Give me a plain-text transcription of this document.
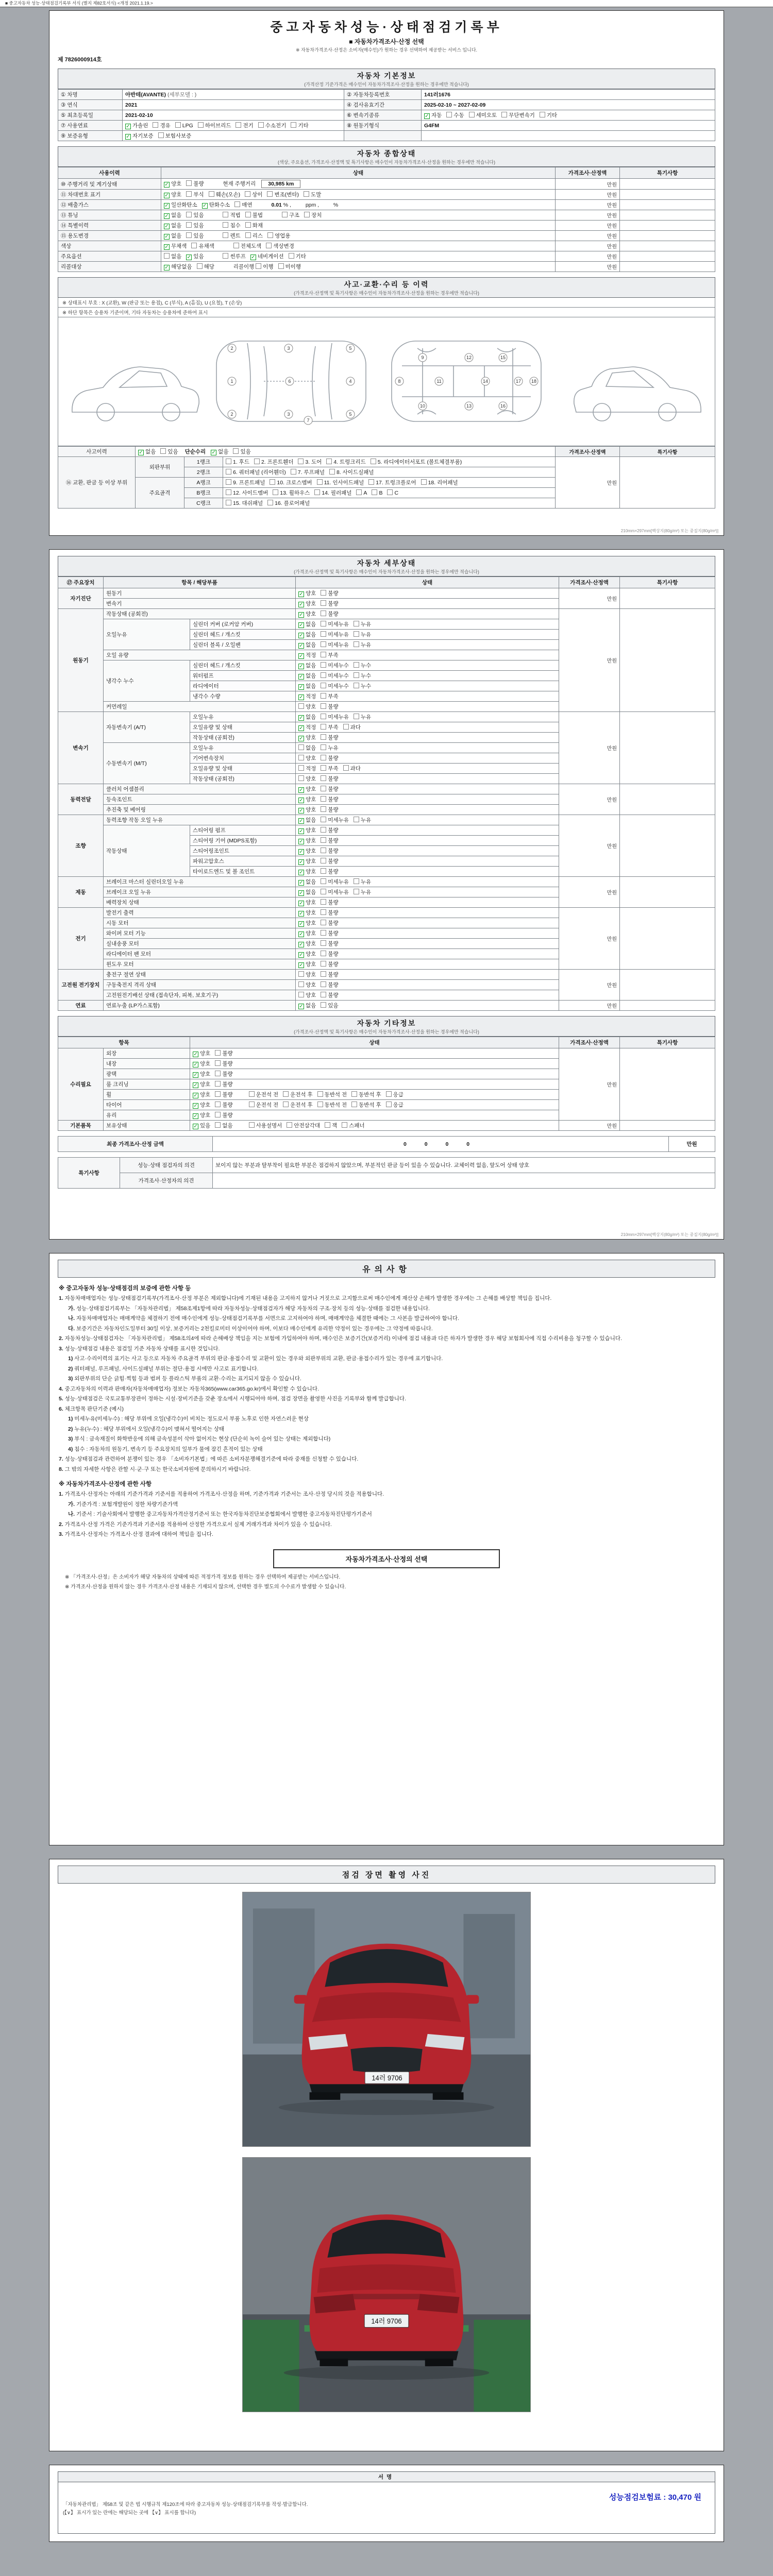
■ 중고자동차 성능·상태점검기록부 서식 (별지 제82호서식) <개정 2021.1.19.>
중고자동차성능·상태점검기록부
■ 자동차가격조사·산정 선택
※ 자동차가격조사·산정은 소비자(매수인)가 원하는 경우 선택하여 제공받는 서비스 입니다.
제 7826000914호
자동차 기본정보
(가격산정 기준가격은 매수인이 자동차가격조사·산정을 원하는 경우에만 적습니다)
① 차명	아반테(AVANTE) (세부모델 : )	② 자동차등록번호	141러1676
③ 연식	2021	④ 검사유효기간	2025-02-10 ~ 2027-02-09
⑤ 최초등록일	2021-02-10	⑥ 변속기종류	✓ 자동 수동 세미오토 무단변속기 기타
⑦ 사용연료	✓ 가솔린 경유 LPG 하이브리드 전기 수소전기 기타	⑧ 원동기형식	G4FM
⑨ 보증유형	✓ 자기보증 보험사보증		
자동차 종합상태
(색상, 주요옵션, 가격조사·산정액 및 특기사항은 매수인이 자동차가격조사·산정을 원하는 경우에만 적습니다)
사용이력	상태	가격조사·산정액	특기사항
⑩ 주행거리 및 계기상태	✓ 양호 불량 현재 주행거리 30,985 km	만원	
⑪ 차대번호 표기	✓ 양호 부식 훼손(오손) 상이 변조(변타) 도말	만원	
⑫ 배출가스	✓ 일산화탄소 ✓ 탄화수소 매연 0.01 % , ppm , %	만원	
⑬ 튜닝	✓ 없음 있음 적법 불법 구조 장치	만원	
⑭ 특별이력	✓ 없음 있음 침수 화재	만원	
⑮ 용도변경	✓ 없음 있음 렌트 리스 영업용	만원	
색상	✓ 무채색 유채색 전체도색 색상변경	만원	
주요옵션	없음 ✓ 있음 썬루프 ✓ 네비게이션 기타	만원	
리콜대상	✓ 해당없음 해당 리콜이행 이행 미이행	만원	
사고·교환·수리 등 이력
(가격조사·산정액 및 특기사항은 매수인이 자동차가격조사·산정을 원하는 경우에만 적습니다)
※ 상태표시 부호 : X (교환), W (판금 또는 용접), C (부식), A (흠집), U (요철), T (손상)
※ 하단 항목은 승용차 기준이며, 기타 자동차는 승용차에 준하여 표시
1
2
2
3
3
4
5
5
6
7
8
9
10
11
12
13
14
15
16
17 18
사고이력	✓ 없음 있음 단순수리 ✓ 없음 있음			가격조사·산정액	특기사항
⑯ 교환, 판금 등 이상 부위	외판부위	1랭크	1. 후드 2. 프론트휀더 3. 도어 4. 트렁크리드 5. 라디에이터서포트 (볼트체결부품)	만원	
		2랭크	6. 쿼터패널 (리어휀더) 7. 루프패널 8. 사이드실패널		
	주요골격	A랭크	9. 프론트패널 10. 크로스멤버 11. 인사이드패널 17. 트렁크플로어 18. 리어패널		
		B랭크	12. 사이드멤버 13. 휠하우스 14. 필러패널 A B C		
		C랭크	15. 대쉬패널 16. 플로어패널		
210mm×297mm[백상지(80g/m²) 또는 중질지(80g/m²)]
자동차 세부상태
(가격조사·산정액 및 특기사항은 매수인이 자동차가격조사·산정을 원하는 경우에만 적습니다)
⑰ 주요장치	항목 / 해당부품		상태	가격조사·산정액	특기사항
자기진단	원동기		✓ 양호 불량	만원	
	변속기		✓ 양호 불량		
원동기	작동상태 (공회전)		✓ 양호 불량	만원	
	오일누유	실린더 커버 (로커암 커버)	✓ 없음 미세누유 누유		
		실린더 헤드 / 개스킷	✓ 없음 미세누유 누유		
		실린더 블록 / 오일팬	✓ 없음 미세누유 누유		
	오일 유량		✓ 적정 부족		
	냉각수 누수	실린더 헤드 / 개스킷	✓ 없음 미세누수 누수		
		워터펌프	✓ 없음 미세누수 누수		
		라디에이터	✓ 없음 미세누수 누수		
		냉각수 수량	✓ 적정 부족		
	커먼레일		양호 불량		
변속기	자동변속기 (A/T)	오일누유	✓ 없음 미세누유 누유	만원	
		오일유량 및 상태	✓ 적정 부족 과다		
		작동상태 (공회전)	✓ 양호 불량		
	수동변속기 (M/T)	오일누유	없음 누유		
		기어변속장치	양호 불량		
		오일유량 및 상태	적정 부족 과다		
		작동상태 (공회전)	양호 불량		
동력전달	클러치 어셈블리		✓ 양호 불량	만원	
	등속조인트		✓ 양호 불량		
	추진축 및 베어링		✓ 양호 불량		
조향	동력조향 작동 오일 누유		✓ 없음 미세누유 누유	만원	
	작동상태	스티어링 펌프	✓ 양호 불량		
		스티어링 기어 (MDPS포함)	✓ 양호 불량		
		스티어링조인트	✓ 양호 불량		
		파워고압호스	✓ 양호 불량		
		타이로드엔드 및 볼 조인트	✓ 양호 불량		
제동	브레이크 마스터 실린더오일 누유		✓ 없음 미세누유 누유	만원	
	브레이크 오일 누유		✓ 없음 미세누유 누유		
	배력장치 상태		✓ 양호 불량		
전기	발전기 출력		✓ 양호 불량	만원	
	시동 모터		✓ 양호 불량		
	와이퍼 모터 기능		✓ 양호 불량		
	실내송풍 모터		✓ 양호 불량		
	라디에이터 팬 모터		✓ 양호 불량		
	윈도우 모터		✓ 양호 불량		
고전원 전기장치	충전구 절연 상태		양호 불량	만원	
	구동축전지 격리 상태		양호 불량		
	고전원전기배선 상태 (접속단자, 피복, 보호기구)		양호 불량		
연료	연료누출 (LP가스포함)		✓ 없음 있음	만원	
자동차 기타정보
(가격조사·산정액 및 특기사항은 매수인이 자동차가격조사·산정을 원하는 경우에만 적습니다)
항목		상태	가격조사·산정액	특기사항
수리필요	외장	✓ 양호 불량	만원	
	내장	✓ 양호 불량		
	광택	✓ 양호 불량		
	룸 크리닝	✓ 양호 불량		
	휠	✓ 양호 불량 운전석 전 운전석 후 동반석 전 동반석 후 응급		
	타이어	✓ 양호 불량 운전석 전 운전석 후 동반석 전 동반석 후 응급		
	유리	✓ 양호 불량		
기본품목	보유상태	✓ 있음 없음 사용설명서 안전삼각대 잭 스패너	만원	
최종 가격조사·산정 금액	0 0 0 0	만원
특기사항	성능·상태 점검자의 의견	보이지 않는 부분과 탈부착이 필요한 부분은 점검하지 않았으며, 부분적인 판금 등이 있을 수 있습니다. 교체이력 없음, 앞도어 상태 양호
	가격조사·산정자의 의견	
210mm×297mm[백상지(80g/m²) 또는 중질지(80g/m²)]
유의사항
※ 중고자동차 성능·상태점검의 보증에 관한 사항 등
1. 자동차매매업자는 성능·상태점검기록부(가격조사·산정 부분은 제외합니다)에 기재된 내용을 고지하지 않거나 거짓으로 고지함으로써 매수인에게 재산상 손해가 발생한 경우에는 그 손해를 배상할 책임을 집니다.
가. 성능·상태점검기록부는 「자동차관리법」 제58조제1항에 따라 자동차성능·상태점검자가 해당 자동차의 구조·장치 등의 성능·상태를 점검한 내용입니다.
나. 자동차매매업자는 매매계약을 체결하기 전에 매수인에게 성능·상태점검기록부를 서면으로 고지하여야 하며, 매매계약을 체결한 때에는 그 사본을 발급하여야 합니다.
다. 보증기간은 자동차인도일부터 30일 이상, 보증거리는 2천킬로미터 이상이어야 하며, 이보다 매수인에게 유리한 약정이 있는 경우에는 그 약정에 따릅니다.
2. 자동차성능·상태점검자는 「자동차관리법」 제58조의4에 따라 손해배상 책임을 지는 보험에 가입하여야 하며, 매수인은 보증기간(보증거리) 이내에 점검 내용과 다른 하자가 발생한 경우 해당 보험회사에 직접 수리비용을 청구할 수 있습니다.
3. 성능·상태점검 내용은 점검일 기준 자동차 상태를 표시한 것입니다.
1) 사고·수리이력의 표기는 사고 등으로 자동차 주요골격 부위의 판금·용접수리 및 교환이 있는 경우와 외판부위의 교환, 판금·용접수리가 있는 경우에 표기합니다.
2) 쿼터패널, 루프패널, 사이드실패널 부위는 절단·용접 시에만 사고로 표기합니다.
3) 외판부위의 단순 긁힘·찍힘 등과 범퍼 등 플라스틱 부품의 교환·수리는 표기되지 않을 수 있습니다.
4. 중고자동차의 이력과 판매자(자동차매매업자) 정보는 자동차365(www.car365.go.kr)에서 확인할 수 있습니다.
5. 성능·상태점검은 국토교통부장관이 정하는 시설·장비기준을 갖춘 장소에서 시행되어야 하며, 점검 장면을 촬영한 사진을 기록부와 함께 발급합니다.
6. 체크항목 판단기준 (예시)
1) 미세누유(미세누수) : 해당 부위에 오일(냉각수)이 비치는 정도로서 부품 노후로 인한 자연스러운 현상
2) 누유(누수) : 해당 부위에서 오일(냉각수)이 맺혀서 떨어지는 상태
3) 부식 : 금속재질이 화학반응에 의해 금속성분이 삭아 없어지는 현상 (단순히 녹이 슬어 있는 상태는 제외합니다)
4) 침수 : 자동차의 원동기, 변속기 등 주요장치의 일부가 물에 잠긴 흔적이 있는 상태
7. 성능·상태점검과 관련하여 분쟁이 있는 경우 「소비자기본법」에 따른 소비자분쟁해결기준에 따라 중재를 신청할 수 있습니다.
8. 그 밖의 자세한 사항은 관할 시·군·구 또는 한국소비자원에 문의하시기 바랍니다.
※ 자동차가격조사·산정에 관한 사항
1. 가격조사·산정자는 아래의 기준가격과 기준서를 적용하여 가격조사·산정을 하며, 기준가격과 기준서는 조사·산정 당시의 것을 적용합니다.
가. 기준가격 : 보험개발원이 정한 차량기준가액
나. 기준서 : 기술사회에서 발행한 중고자동차가격산정기준서 또는 한국자동차진단보증협회에서 발행한 중고자동차진단평가기준서
2. 가격조사·산정 가격은 기준가격과 기준서를 적용하여 산정한 가격으로서 실제 거래가격과 차이가 있을 수 있습니다.
3. 가격조사·산정자는 가격조사·산정 결과에 대하여 책임을 집니다.
자동차가격조사·산정의 선택
※ 「가격조사·산정」은 소비자가 해당 자동차의 상태에 따른 적정가격 정보를 원하는 경우 선택하여 제공받는 서비스입니다.
※ 가격조사·산정을 원하지 않는 경우 가격조사·산정 내용은 기재되지 않으며, 선택한 경우 별도의 수수료가 발생할 수 있습니다.
점검 장면 촬영 사진
14러 9706
14러 9706
서명

성능점검보험료 : 30,470 원
「자동차관리법」 제58조 및 같은 법 시행규칙 제120조에 따라 중고자동차 성능·상태점검기록부를 작성·발급합니다.
(【∨】 표시가 있는 란에는 해당되는 곳에 【∨】 표시를 합니다)
